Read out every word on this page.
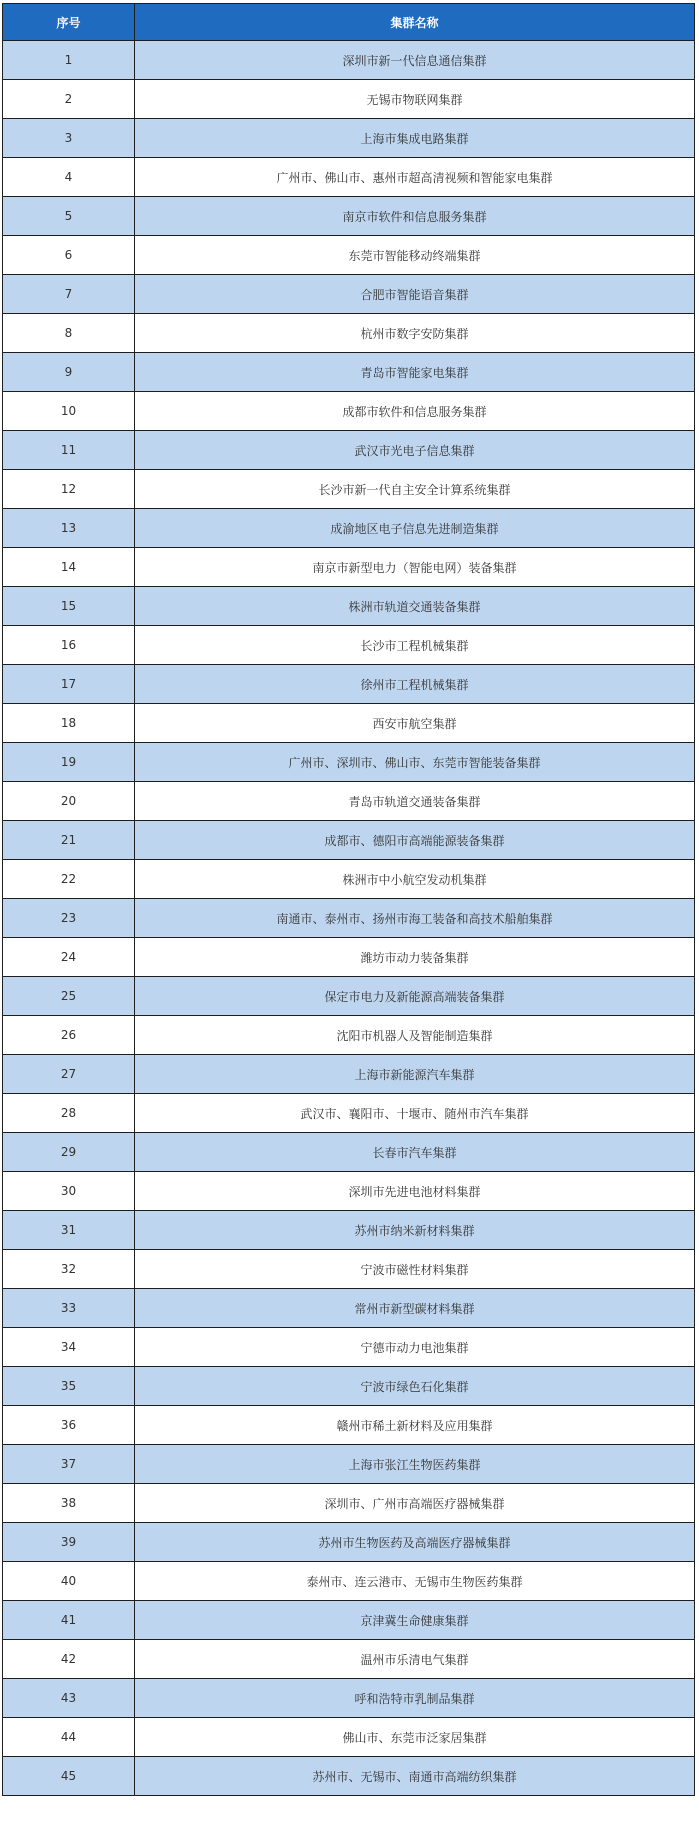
序号	集群名称
1	深圳市新一代信息通信集群
2	无锡市物联网集群
3	上海市集成电路集群
4	广州市、佛山市、惠州市超高清视频和智能家电集群
5	南京市软件和信息服务集群
6	东莞市智能移动终端集群
7	合肥市智能语音集群
8	杭州市数字安防集群
9	青岛市智能家电集群
10	成都市软件和信息服务集群
11	武汉市光电子信息集群
12	长沙市新一代自主安全计算系统集群
13	成渝地区电子信息先进制造集群
14	南京市新型电力（智能电网）装备集群
15	株洲市轨道交通装备集群
16	长沙市工程机械集群
17	徐州市工程机械集群
18	西安市航空集群
19	广州市、深圳市、佛山市、东莞市智能装备集群
20	青岛市轨道交通装备集群
21	成都市、德阳市高端能源装备集群
22	株洲市中小航空发动机集群
23	南通市、泰州市、扬州市海工装备和高技术船舶集群
24	潍坊市动力装备集群
25	保定市电力及新能源高端装备集群
26	沈阳市机器人及智能制造集群
27	上海市新能源汽车集群
28	武汉市、襄阳市、十堰市、随州市汽车集群
29	长春市汽车集群
30	深圳市先进电池材料集群
31	苏州市纳米新材料集群
32	宁波市磁性材料集群
33	常州市新型碳材料集群
34	宁德市动力电池集群
35	宁波市绿色石化集群
36	赣州市稀土新材料及应用集群
37	上海市张江生物医药集群
38	深圳市、广州市高端医疗器械集群
39	苏州市生物医药及高端医疗器械集群
40	泰州市、连云港市、无锡市生物医药集群
41	京津冀生命健康集群
42	温州市乐清电气集群
43	呼和浩特市乳制品集群
44	佛山市、东莞市泛家居集群
45	苏州市、无锡市、南通市高端纺织集群
